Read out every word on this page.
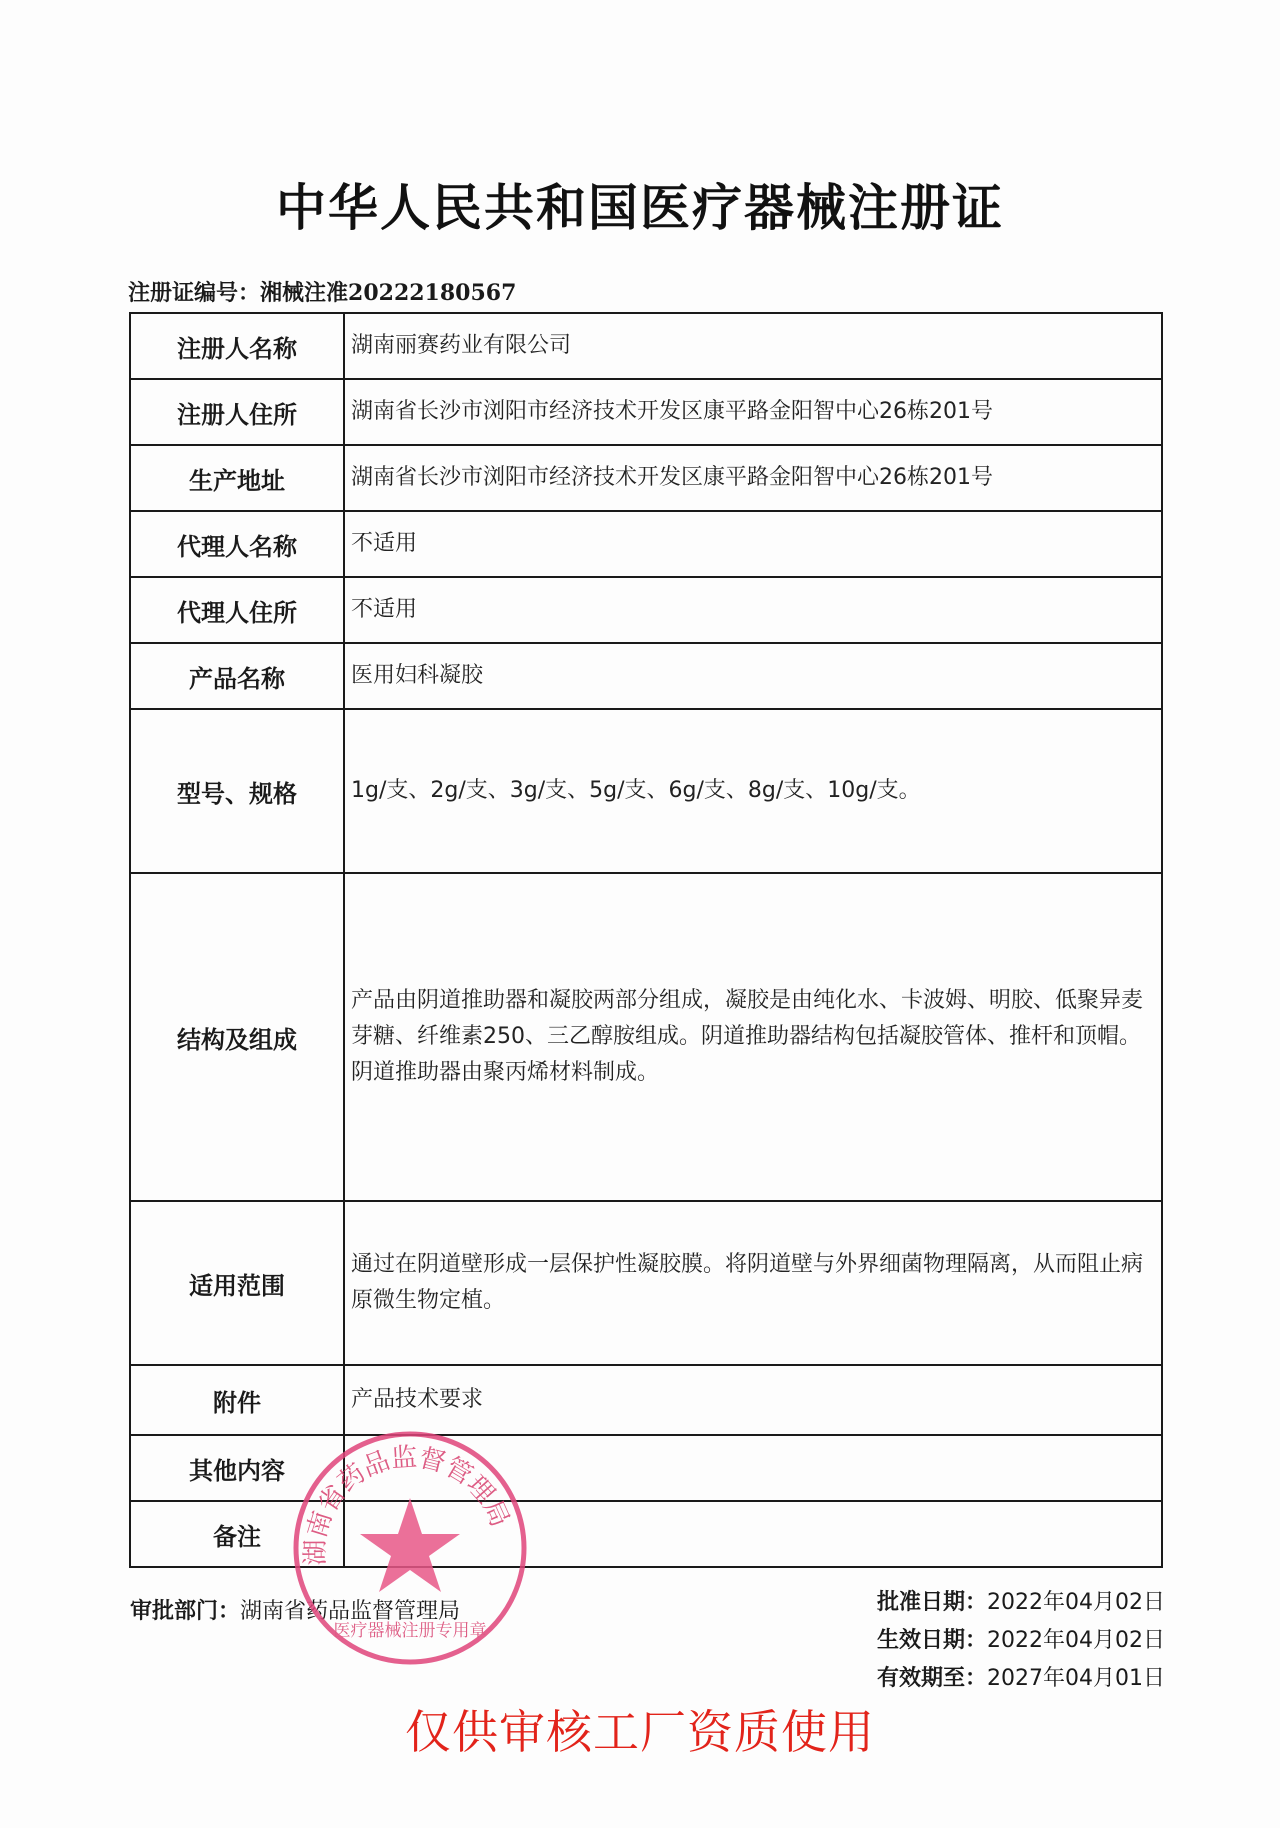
中华人民共和国医疗器械注册证
注册证编号：湘械注准20222180567
注册人名称	湖南丽赛药业有限公司
注册人住所	湖南省长沙市浏阳市经济技术开发区康平路金阳智中心26栋201号
生产地址	湖南省长沙市浏阳市经济技术开发区康平路金阳智中心26栋201号
代理人名称	不适用
代理人住所	不适用
产品名称	医用妇科凝胶
型号、规格	1g/支、2g/支、3g/支、5g/支、6g/支、8g/支、10g/支。
结构及组成	产品由阴道推助器和凝胶两部分组成，凝胶是由纯化水、卡波姆、明胶、低聚异麦芽糖、纤维素250、三乙醇胺组成。阴道推助器结构包括凝胶管体、推杆和顶帽。阴道推助器由聚丙烯材料制成。
适用范围	通过在阴道壁形成一层保护性凝胶膜。将阴道壁与外界细菌物理隔离，从而阻止病原微生物定植。
附件	产品技术要求
其他内容	
备注	
审批部门：湖南省药品监督管理局	批准日期：2022年04月02日
生效日期：2022年04月02日
有效期至：2027年04月01日
湖南省药品监督管理局
医疗器械注册专用章
仅供审核工厂资质使用
